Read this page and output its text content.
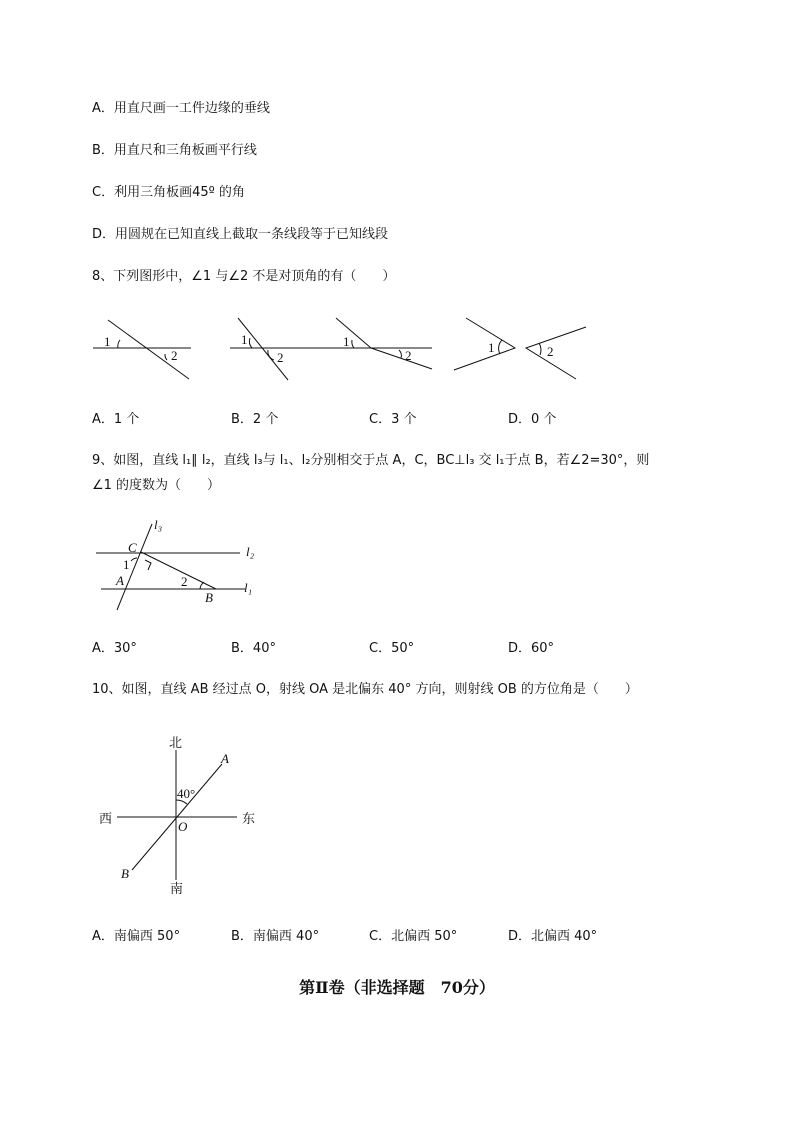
A．用直尺画一工件边缘的垂线
B．用直尺和三角板画平行线
C．利用三角板画45º 的角
D．用圆规在已知直线上截取一条线段等于已知线段
8、下列图形中，∠1 与∠2 不是对顶角的有（　　）
1
2
1
2
1
2
1	2
A．1 个	B．2 个	C．3 个	D．0 个
9、如图，直线 l₁∥ l₂，直线 l₃与 l₁、l₂分别相交于点 A，C，BC⊥l₃ 交 l₁于点 B，若∠2=30°，则
∠1 的度数为（　　）
l₃
l₂
l₁
C
A
B
1
2
A．30°	B．40°	C．50°	D．60°
10、如图，直线 AB 经过点 O，射线 OA 是北偏东 40° 方向，则射线 OB 的方位角是（　　）
北
南
东
西	O
A
B
40°
A．南偏西 50°	B．南偏西 40°	C．北偏西 50°	D．北偏西 40°
第Ⅱ卷（非选择题　70分）
